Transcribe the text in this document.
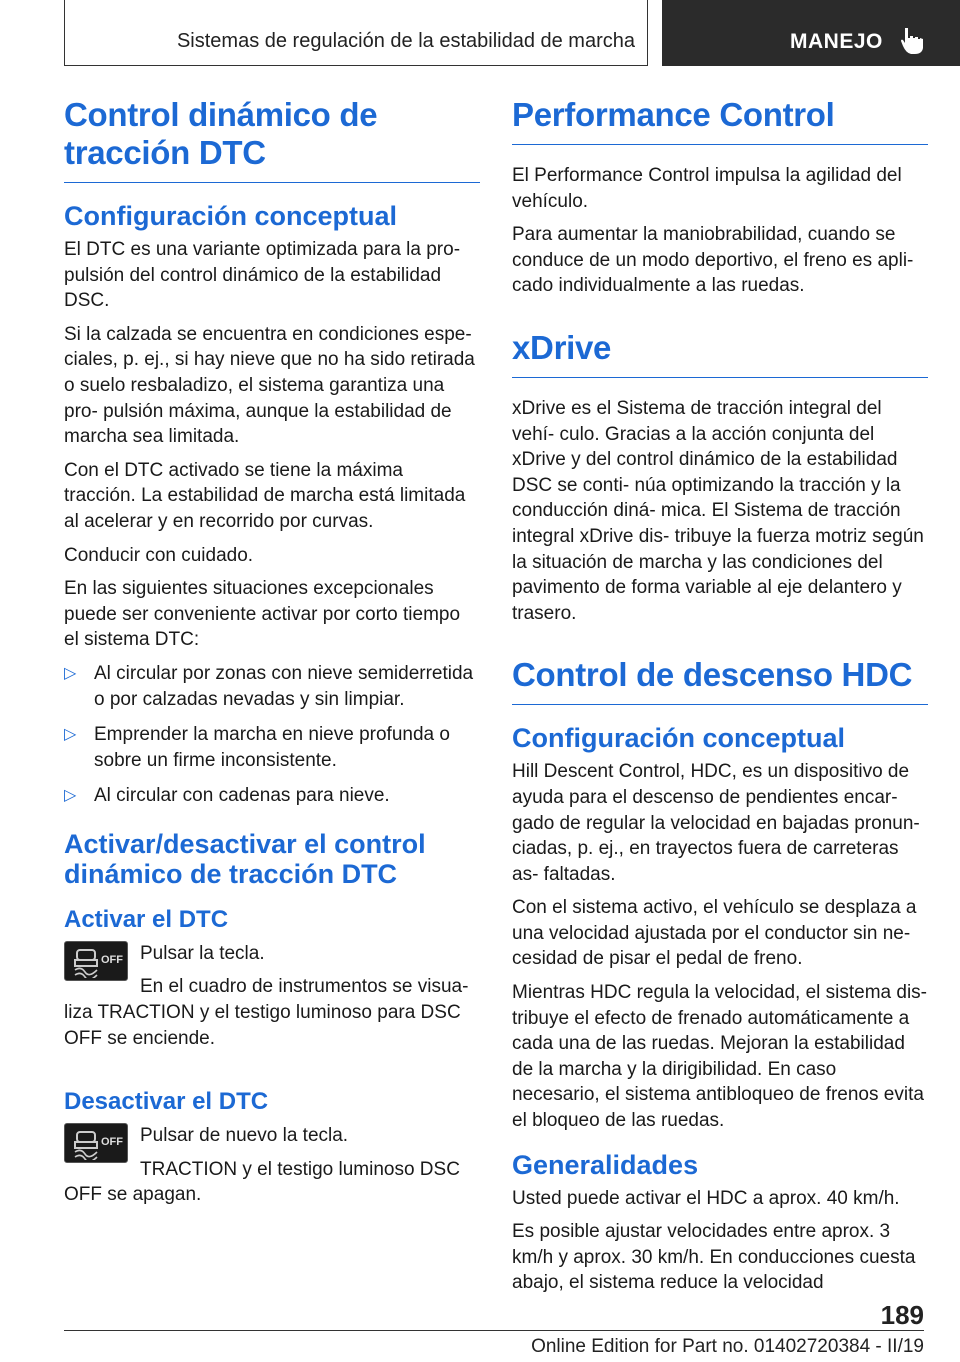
Sistemas de regulación de la estabilidad de marcha	MANEJO
Control dinámico de tracción DTC
Configuración conceptual

El DTC es una variante optimizada para la pro- pulsión del control dinámico de la estabilidad DSC.

Si la calzada se encuentra en condiciones espe- ciales, p. ej., si hay nieve que no ha sido retirada o suelo resbaladizo, el sistema garantiza una pro- pulsión máxima, aunque la estabilidad de marcha sea limitada.

Con el DTC activado se tiene la máxima tracción. La estabilidad de marcha está limitada al acelerar y en recorrido por curvas.

Conducir con cuidado.

En las siguientes situaciones excepcionales puede ser conveniente activar por corto tiempo el sistema DTC:

▷ Al circular por zonas con nieve semiderretida o por calzadas nevadas y sin limpiar.
▷ Emprender la marcha en nieve profunda o sobre un firme inconsistente.
▷ Al circular con cadenas para nieve.
Activar/desactivar el control dinámico de tracción DTC
Activar el DTC
OFF Pulsar la tecla.

En el cuadro de instrumentos se visua- liza TRACTION y el testigo luminoso para DSC OFF se enciende.

Desactivar el DTC
OFF Pulsar de nuevo la tecla.

TRACTION y el testigo luminoso DSC OFF se apagan.

Performance Control

El Performance Control impulsa la agilidad del vehículo.

Para aumentar la maniobrabilidad, cuando se conduce de un modo deportivo, el freno es apli- cado individualmente a las ruedas.

xDrive

xDrive es el Sistema de tracción integral del vehí- culo. Gracias a la acción conjunta del xDrive y del control dinámico de la estabilidad DSC se conti- núa optimizando la tracción y la conducción diná- mica. El Sistema de tracción integral xDrive dis- tribuye la fuerza motriz según la situación de marcha y las condiciones del pavimento de forma variable al eje delantero y trasero.

Control de descenso HDC
Configuración conceptual

Hill Descent Control, HDC, es un dispositivo de ayuda para el descenso de pendientes encar- gado de regular la velocidad en bajadas pronun- ciadas, p. ej., en trayectos fuera de carreteras as- faltadas.

Con el sistema activo, el vehículo se desplaza a una velocidad ajustada por el conductor sin ne- cesidad de pisar el pedal de freno.

Mientras HDC regula la velocidad, el sistema dis- tribuye el efecto de frenado automáticamente a cada una de las ruedas. Mejoran la estabilidad de la marcha y la dirigibilidad. En caso necesario, el sistema antibloqueo de frenos evita el bloqueo de las ruedas.

Generalidades

Usted puede activar el HDC a aprox. 40 km/h.

Es posible ajustar velocidades entre aprox. 3 km/h y aprox. 30 km/h. En conducciones cuesta abajo, el sistema reduce la velocidad

189
Online Edition for Part no. 01402720384 - II/19
